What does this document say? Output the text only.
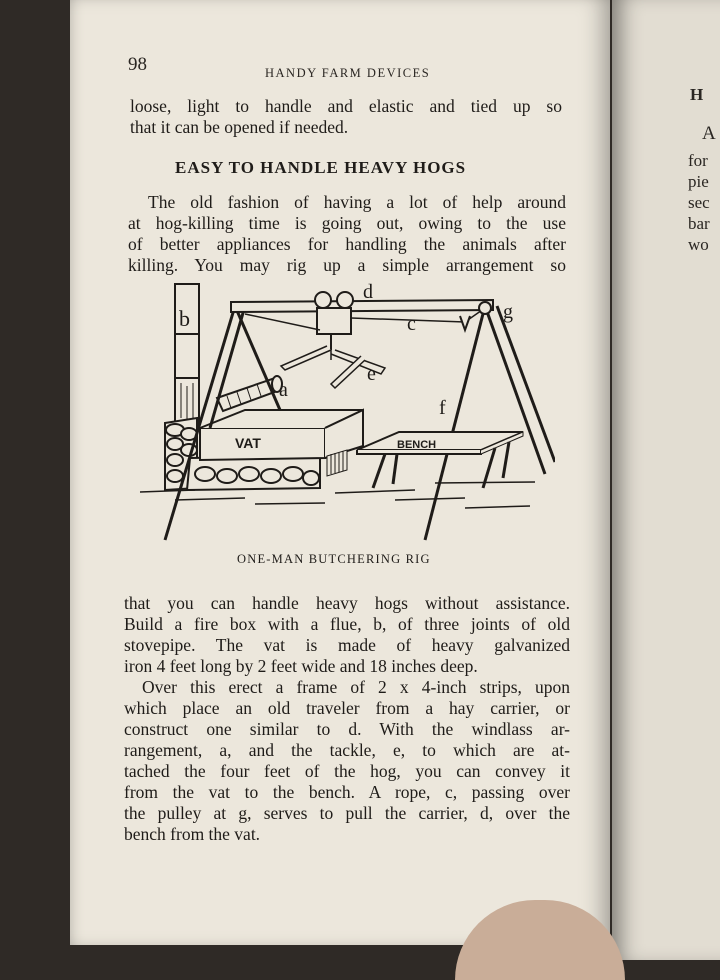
H
A
for
pie
sec
bar
wo
98	HANDY FARM DEVICES
loose, light to handle and elastic and tied up so
that it can be opened if needed.
EASY TO HANDLE HEAVY HOGS
The old fashion of having a lot of help around
at hog-killing time is going out, owing to the use
of better appliances for handling the animals after
killing. You may rig up a simple arrangement so
b
d
c
g
a
e
f
VAT	BENCH
ONE-MAN BUTCHERING RIG
that you can handle heavy hogs without assistance.
Build a fire box with a flue, b, of three joints of old
stovepipe. The vat is made of heavy galvanized
iron 4 feet long by 2 feet wide and 18 inches deep.
Over this erect a frame of 2 x 4-inch strips, upon
which place an old traveler from a hay carrier, or
construct one similar to d. With the windlass ar-
rangement, a, and the tackle, e, to which are at-
tached the four feet of the hog, you can convey it
from the vat to the bench. A rope, c, passing over
the pulley at g, serves to pull the carrier, d, over the
bench from the vat.
